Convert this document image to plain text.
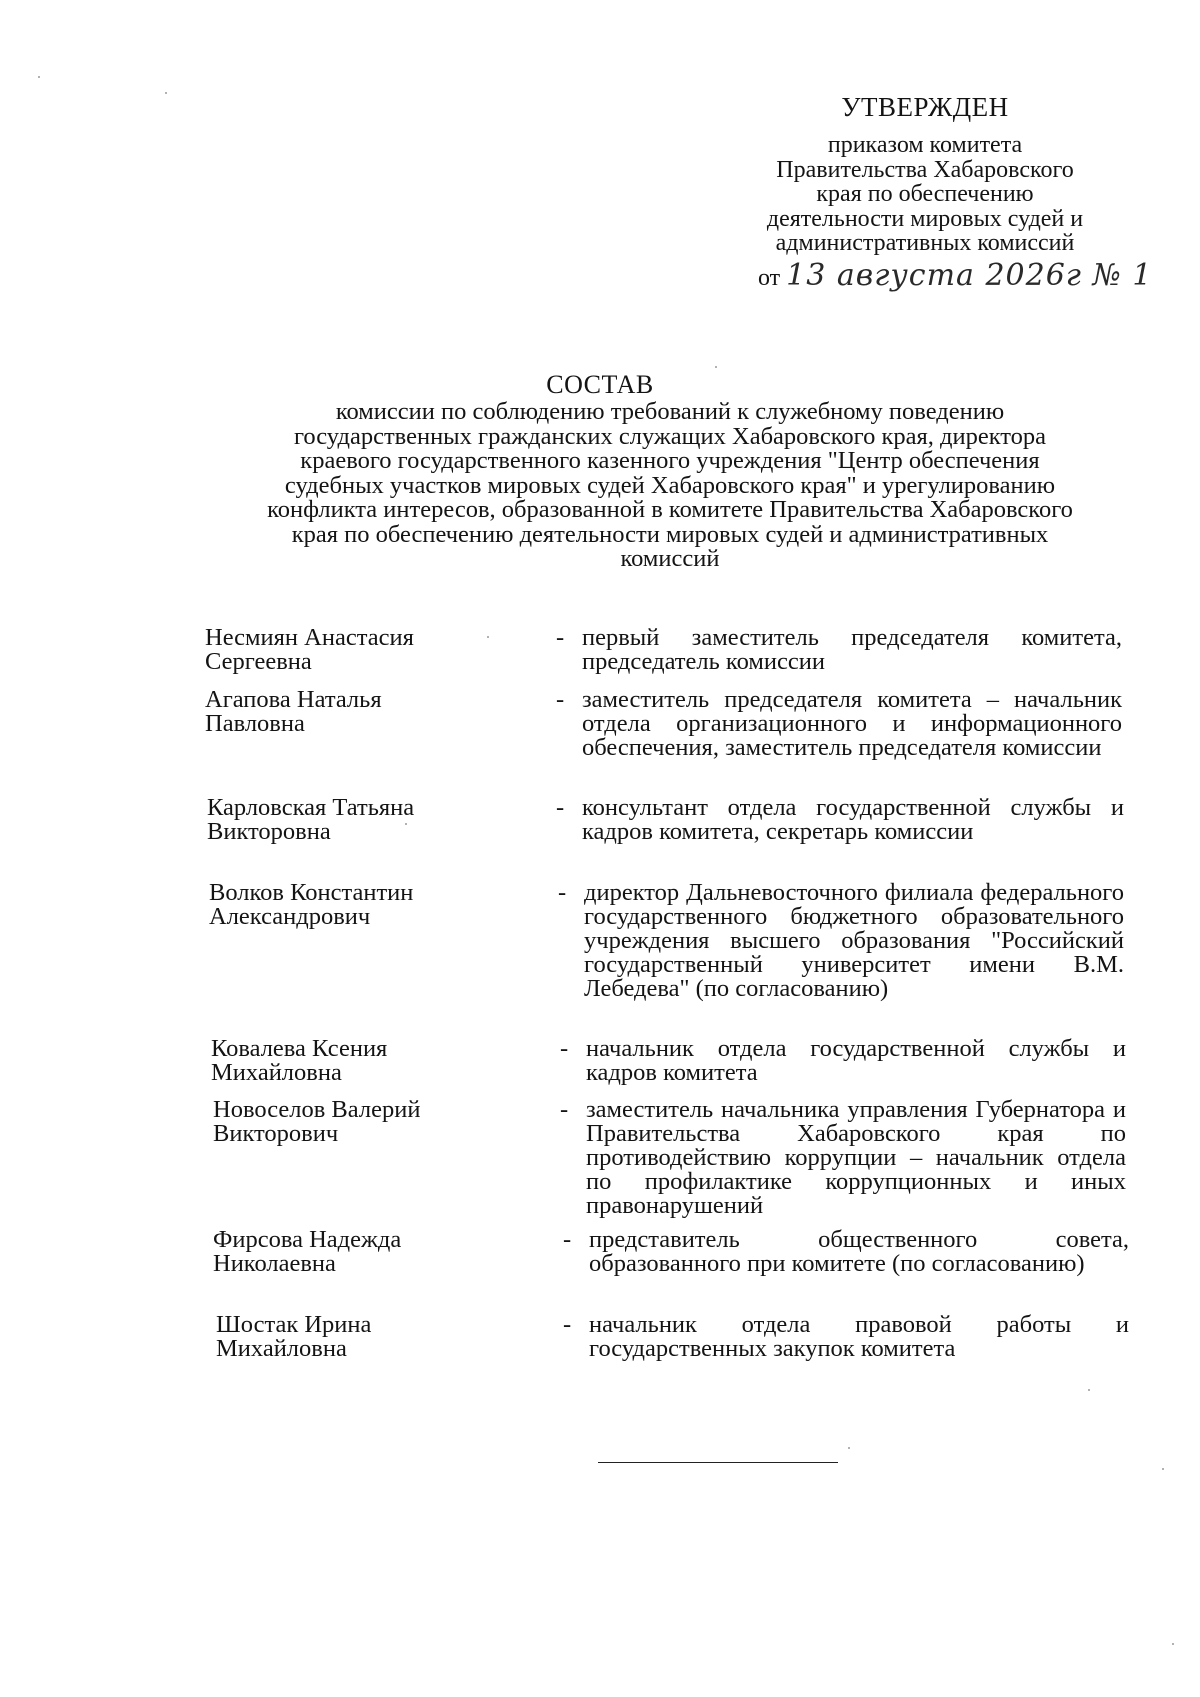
УТВЕРЖДЕН
приказом комитета
Правительства Хабаровского
края по обеспечению
деятельности мировых судей и
административных комиссий
от 13 августа 2026г № 1
СОСТАВ
комиссии по соблюдению требований к служебному поведению
государственных гражданских служащих Хабаровского края, директора
краевого государственного казенного учреждения "Центр обеспечения
судебных участков мировых судей Хабаровского края" и урегулированию
конфликта интересов, образованной в комитете Правительства Хабаровского
края по обеспечению деятельности мировых судей и административных
комиссий
Несмиян Анастасия
Сергеевна
- первый заместитель председателя комитета, председатель комиссии
Агапова Наталья
Павловна
- заместитель председателя комитета – начальник отдела организационного и информационного обеспечения, заместитель председателя комиссии
Карловская Татьяна
Викторовна
- консультант отдела государственной службы и кадров комитета, секретарь комиссии
Волков Константин
Александрович
- директор Дальневосточного филиала федерального государственного бюджетного образовательного учреждения высшего образования "Российский государственный университет имени В.М. Лебедева" (по согласованию)
Ковалева Ксения
Михайловна
- начальник отдела государственной службы и кадров комитета
Новоселов Валерий
Викторович
- заместитель начальника управления Губернатора и Правительства Хабаровского края по противодействию коррупции – начальник отдела по профилактике коррупционных и иных правонарушений
Фирсова Надежда
Николаевна
- представитель общественного совета, образованного при комитете (по согласованию)
Шостак Ирина
Михайловна
- начальник отдела правовой работы и государственных закупок комитета
